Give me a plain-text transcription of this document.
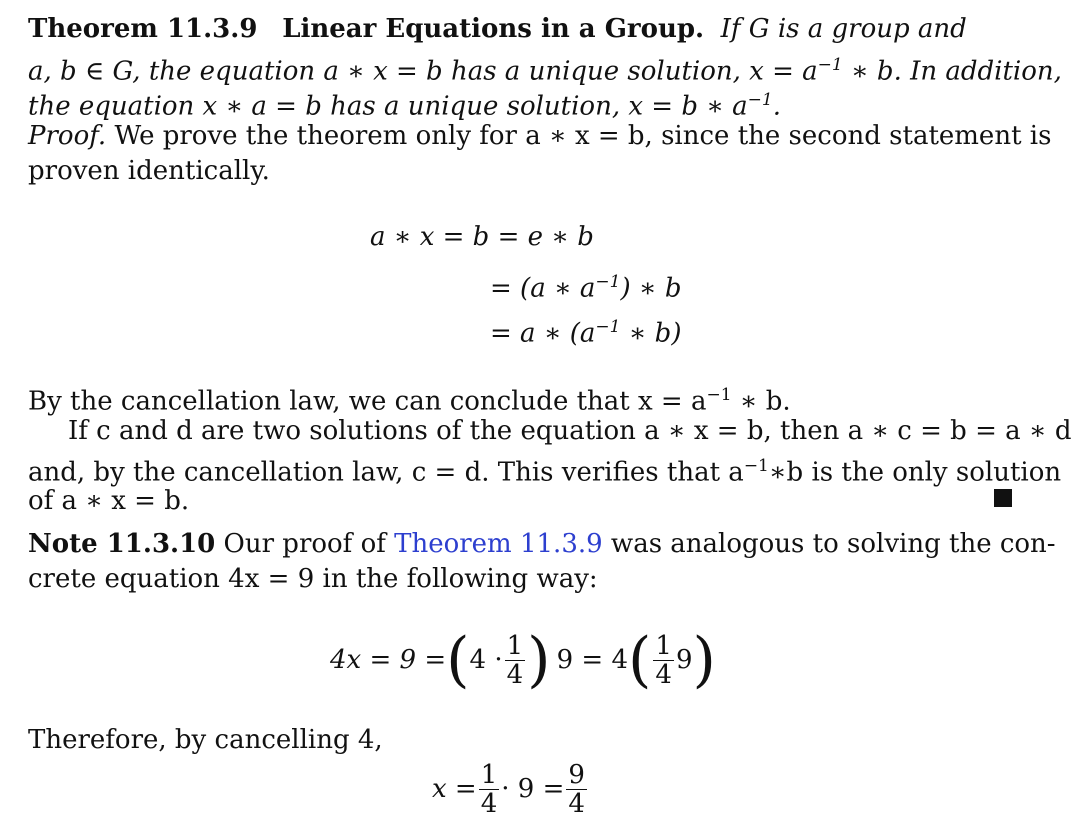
Theorem 11.3.9 Linear Equations in a Group. If G is a group and
a, b ∈ G, the equation a ∗ x = b has a unique solution, $x = a^{-1}$ ∗ b. In addition,
the equation x ∗ a = b has a unique solution, x = b ∗ $a^{-1}$.
Proof. We prove the theorem only for a ∗ x = b, since the second statement is
proven identically.
a ∗ x = b = e ∗ b
= (a ∗ $a^{-1}$) ∗ b
= a ∗ ($a^{-1}$ ∗ b)
By the cancellation law, we can conclude that $x = a^{-1}$ ∗ b.
If c and d are two solutions of the equation a ∗ x = b, then a ∗ c = b = a ∗ d
and, by the cancellation law, c = d. This verifies that $a^{-1}∗b$ is the only solution
of a ∗ x = b.
Note 11.3.10 Our proof of Theorem 11.3.9 was analogous to solving the con-
crete equation 4x = 9 in the following way:
4x = 9 = ( $4 \cdot \frac{1}{4}$ ) 9 = 4 ( $\frac{1}{4} 9$ )
Therefore, by cancelling 4,
$x = \frac{1}{4} \cdot 9 = \frac{9}{4}$
